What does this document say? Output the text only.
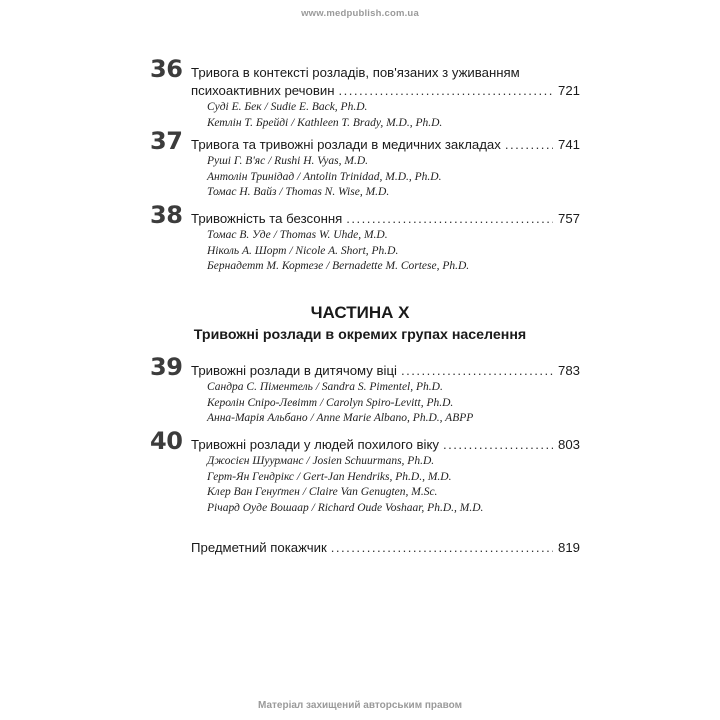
www.medpublish.com.ua
36 Тривога в контексті розладів, пов'язаних з уживанням
психоактивних речовин . . .	721
Суді Е. Бек / Sudie E. Back, Ph.D.
Кетлін Т. Брейді / Kathleen T. Brady, M.D., Ph.D.
37 Тривога та тривожні розлади в медичних закладах . . .	741
Руші Г. В'яс / Rushi H. Vyas, M.D.
Антолін Тринідад / Antolin Trinidad, M.D., Ph.D.
Томас Н. Вайз / Thomas N. Wise, M.D.
38 Тривожність та безсоння . . .	757
Томас В. Уде / Thomas W. Uhde, M.D.
Ніколь А. Шорт / Nicole A. Short, Ph.D.
Бернадетт М. Кортезе / Bernadette M. Cortese, Ph.D.
ЧАСТИНА X
Тривожні розлади в окремих групах населення
39 Тривожні розлади в дитячому віці . . .	783
Сандра С. Піментель / Sandra S. Pimentel, Ph.D.
Керолін Спіро-Левітт / Carolyn Spiro-Levitt, Ph.D.
Анна-Марія Альбано / Anne Marie Albano, Ph.D., ABPP
40 Тривожні розлади у людей похилого віку . . .	803
Джосієн Шуурманс / Josien Schuurmans, Ph.D.
Герт-Ян Гендрікс / Gert-Jan Hendriks, Ph.D., M.D.
Клер Ван Генуґтен / Claire Van Genugten, M.Sc.
Річард Оуде Вошаар / Richard Oude Voshaar, Ph.D., M.D.
Предметний покажчик . . .	819
Матеріал захищений авторським правом
